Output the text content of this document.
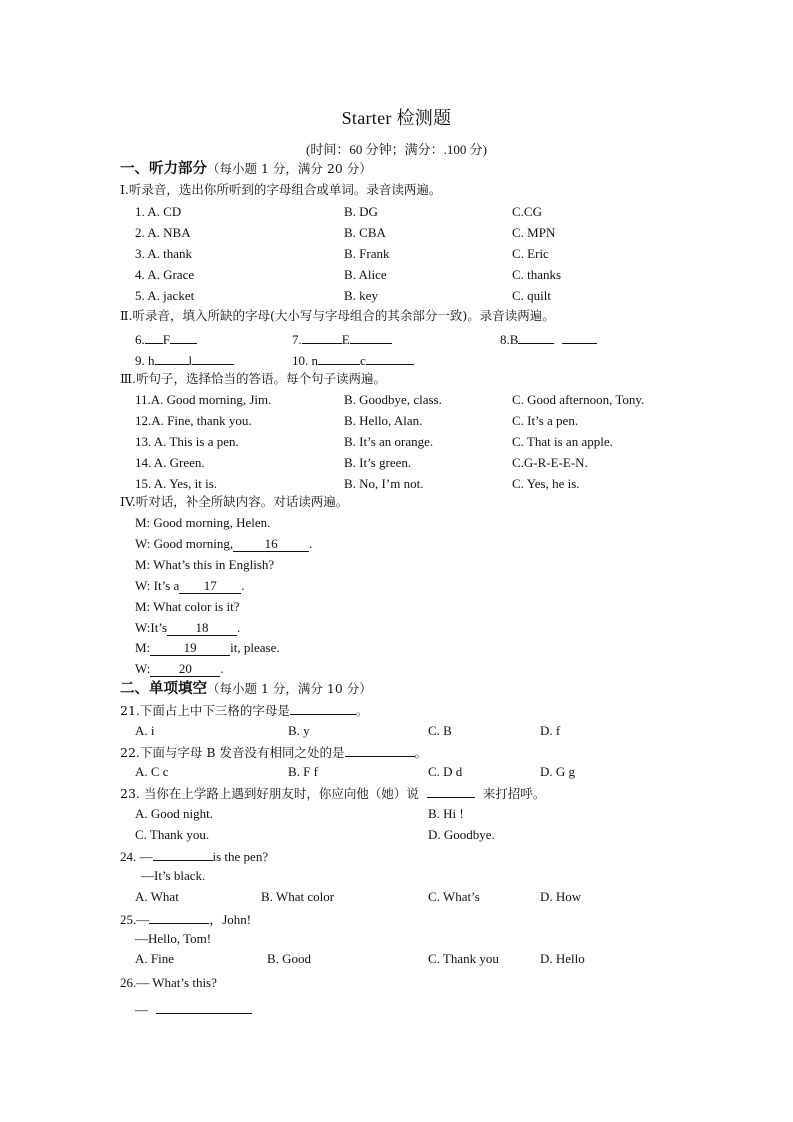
Starter 检测题
(时间：60 分钟；满分：.100 分)
一、听力部分（每小题 1 分，满分 20 分）
Ⅰ.听录音，选出你所听到的字母组合或单词。录音读两遍。
1. A. CD	B. DG	C.CG
2. A. NBA	B. CBA	C. MPN
3. A. thank	B. Frank	C. Eric
4. A. Grace	B. Alice	C. thanks
5. A. jacket	B. key	C. quilt
Ⅱ.听录音，填入所缺的字母(大小写与字母组合的其余部分一致)。录音读两遍。
6. F	7.	E	8.B
9. h	l	10. n	c
Ⅲ.听句子，选择恰当的答语。每个句子读两遍。
11.A. Good morning, Jim.	B. Goodbye, class.	C. Good afternoon, Tony.
12.A. Fine, thank you.	B. Hello, Alan.	C. It’s a pen.
13. A. This is a pen.	B. It’s an orange.	C. That is an apple.
14. A. Green.	B. It’s green.	C.G-R-E-E-N.
15. A. Yes, it is.	B. No, I’m not.	C. Yes, he is.
IV.听对话，补全所缺内容。对话读两遍。
M: Good morning, Helen.
W: Good morning, 16 .
M: What’s this in English?
W: It’s a 17 .
M: What color is it?
W:It’s 18 .
M:	19	it, please.
W: 20 .
二、单项填空（每小题 1 分，满分 10 分）
21.下面占上中下三格的字母是	。
A. i	B. y	C. B	D. f
22.下面与字母 B 发音没有相同之处的是	。
A. C c	B. F f	C. D d	D. G g
23. 当你在上学路上遇到好朋友时，你应向他（她）说	来打招呼。
A. Good night.	B. Hi !
C. Thank you.	D. Goodbye.
24. —	is the pen?
—It’s black.
A. What	B. What color	C. What’s	D. How
25.—	，John!
—Hello, Tom!
A. Fine	B. Good	C. Thank you	D. Hello
26.— What’s this?
—
